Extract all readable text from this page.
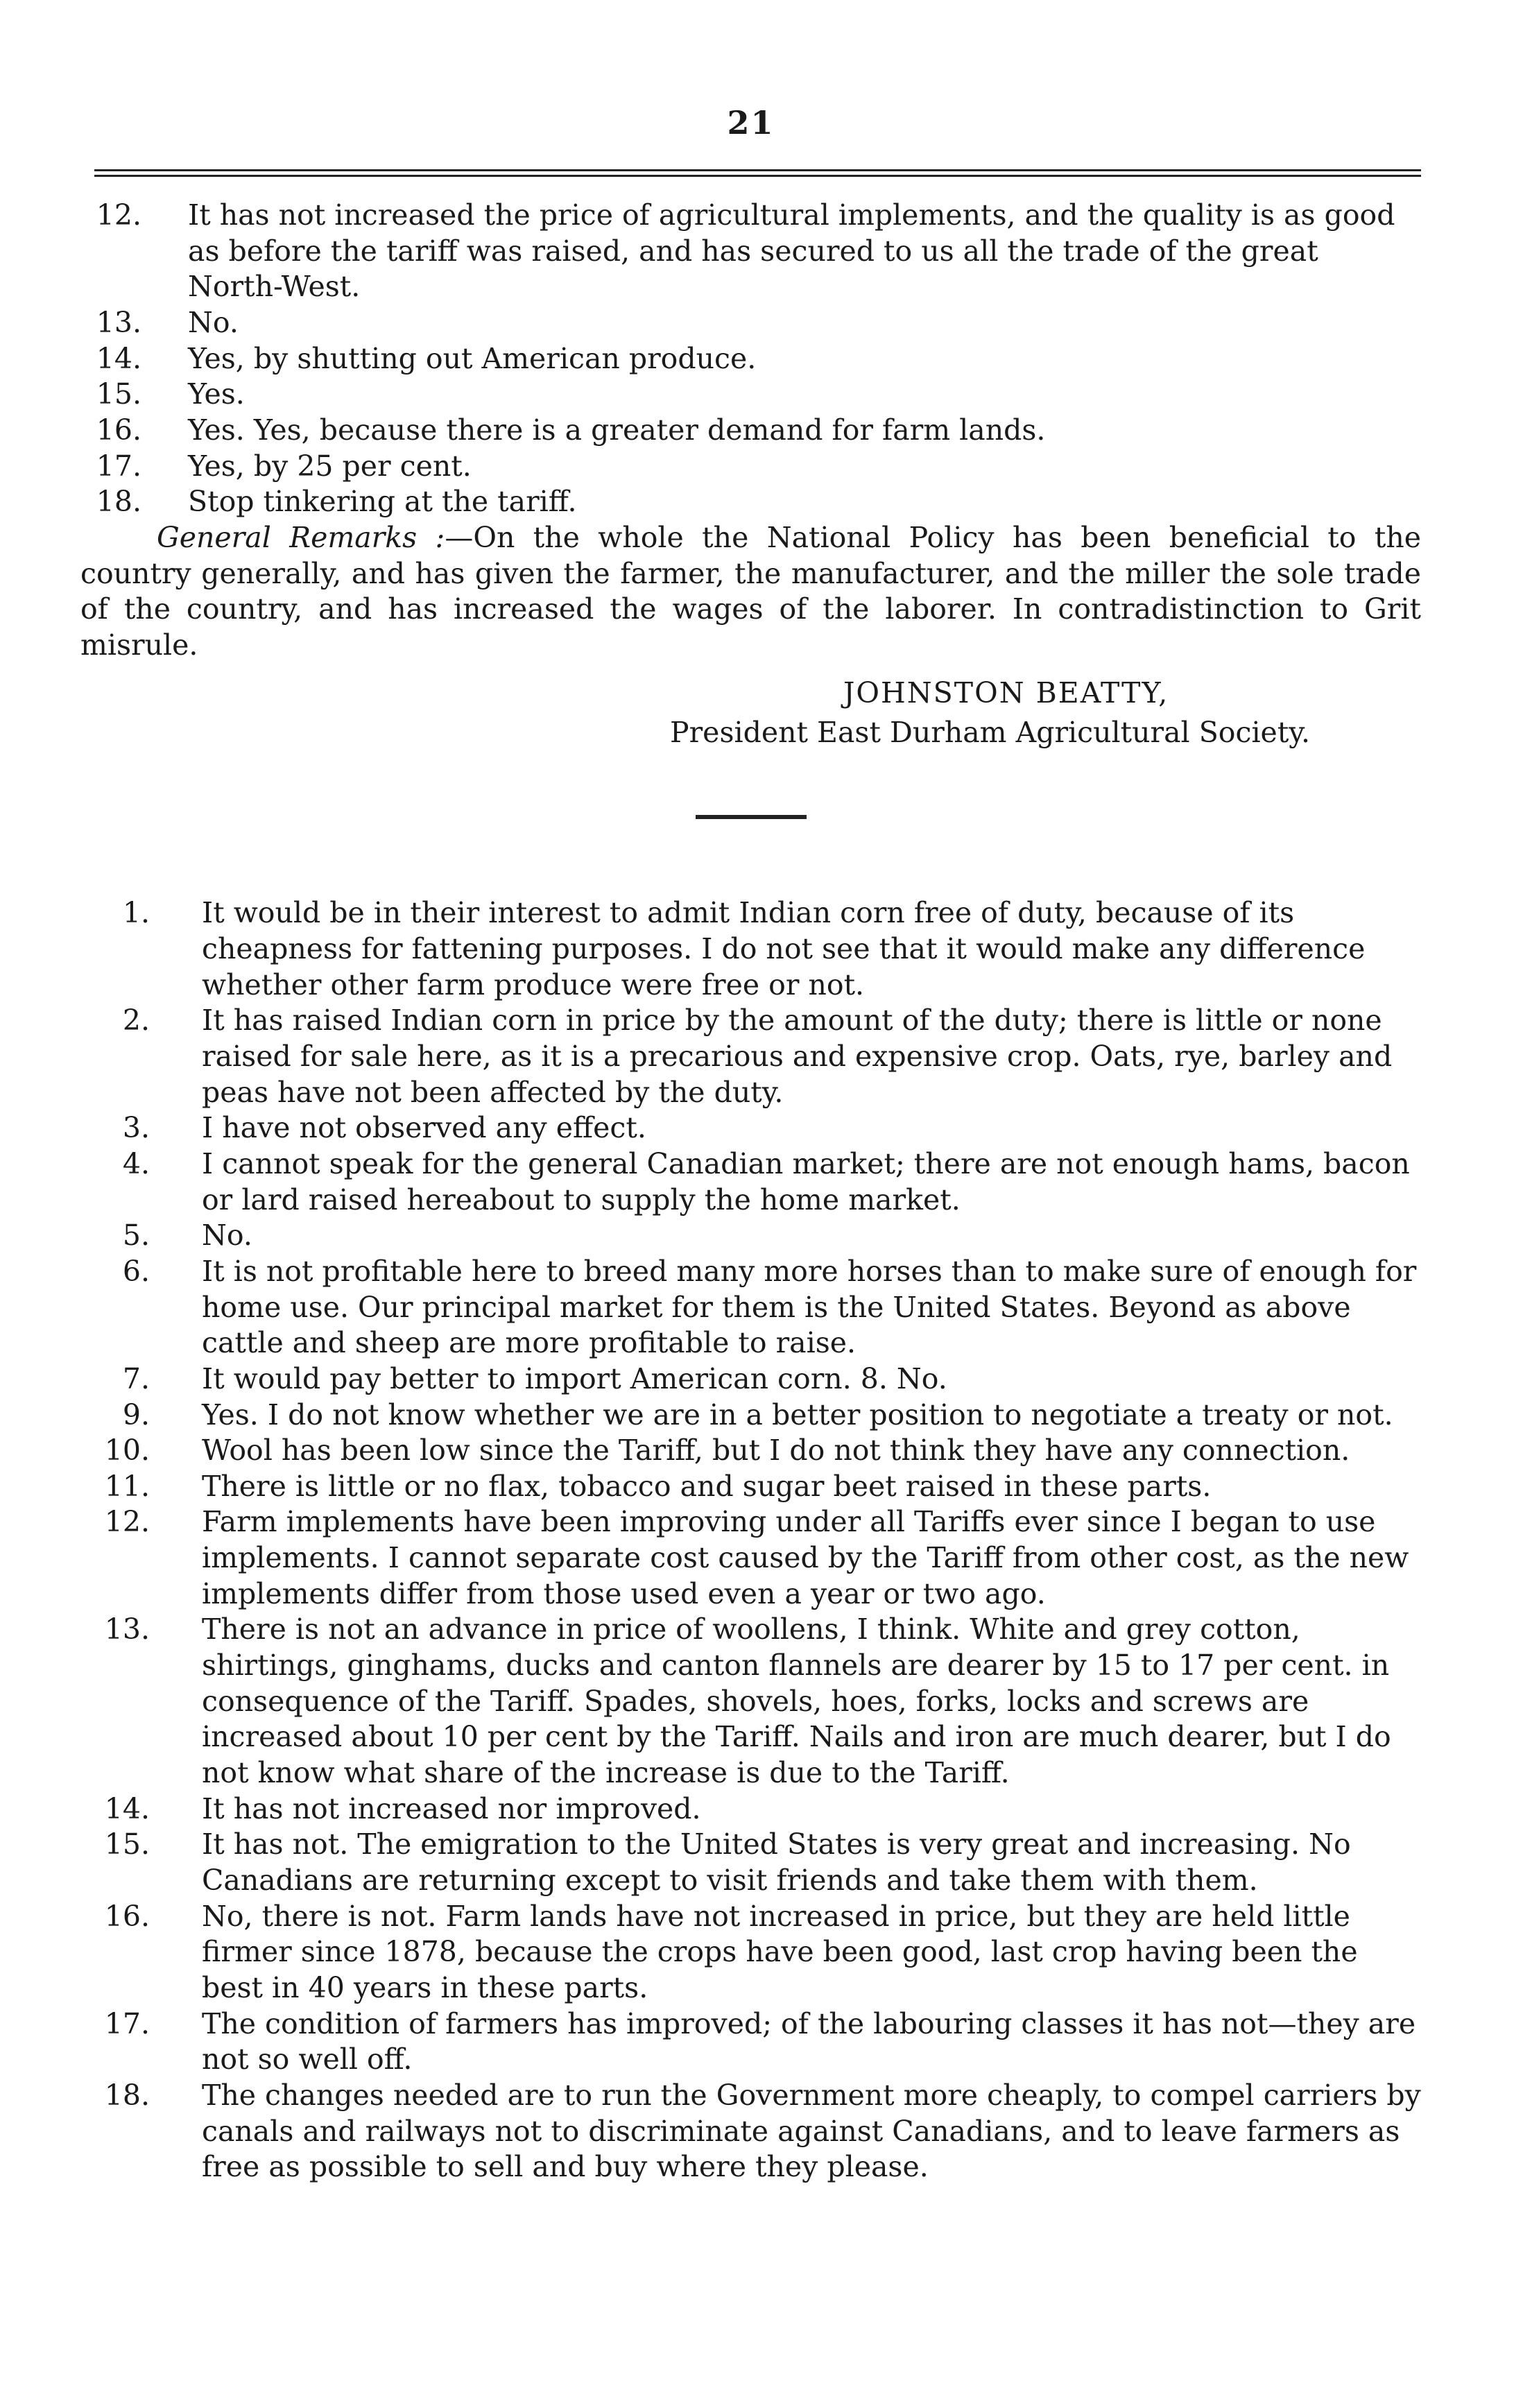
21

12. It has not increased the price of agricultural implements, and the quality is as good as before the tariff was raised, and has secured to us all the trade of the great North-West.

13. No.

14. Yes, by shutting out American produce.

15. Yes.

16. Yes. Yes, because there is a greater demand for farm lands.

17. Yes, by 25 per cent.

18. Stop tinkering at the tariff.

General Remarks :—On the whole the National Policy has been beneficial to the country generally, and has given the farmer, the manufacturer, and the miller the sole trade of the country, and has increased the wages of the laborer. In contradistinction to Grit misrule.

JOHNSTON BEATTY,
President East Durham Agricultural Society.

1. It would be in their interest to admit Indian corn free of duty, because of its cheapness for fattening purposes. I do not see that it would make any difference whether other farm produce were free or not.

2. It has raised Indian corn in price by the amount of the duty; there is little or none raised for sale here, as it is a precarious and expensive crop. Oats, rye, barley and peas have not been affected by the duty.

3. I have not observed any effect.

4. I cannot speak for the general Canadian market; there are not enough hams, bacon or lard raised hereabout to supply the home market.

5. No.

6. It is not profitable here to breed many more horses than to make sure of enough for home use. Our principal market for them is the United States. Beyond as above cattle and sheep are more profitable to raise.

7. It would pay better to import American corn. 8. No.

9. Yes. I do not know whether we are in a better position to negotiate a treaty or not.

10. Wool has been low since the Tariff, but I do not think they have any connection.

11. There is little or no flax, tobacco and sugar beet raised in these parts.

12. Farm implements have been improving under all Tariffs ever since I began to use implements. I cannot separate cost caused by the Tariff from other cost, as the new implements differ from those used even a year or two ago.

13. There is not an advance in price of woollens, I think. White and grey cotton, shirtings, ginghams, ducks and canton flannels are dearer by 15 to 17 per cent. in consequence of the Tariff. Spades, shovels, hoes, forks, locks and screws are increased about 10 per cent by the Tariff. Nails and iron are much dearer, but I do not know what share of the increase is due to the Tariff.

14. It has not increased nor improved.

15. It has not. The emigration to the United States is very great and increasing. No Canadians are returning except to visit friends and take them with them.

16. No, there is not. Farm lands have not increased in price, but they are held little firmer since 1878, because the crops have been good, last crop having been the best in 40 years in these parts.

17. The condition of farmers has improved; of the labouring classes it has not—they are not so well off.

18. The changes needed are to run the Government more cheaply, to compel carriers by canals and railways not to discriminate against Canadians, and to leave farmers as free as possible to sell and buy where they please.
